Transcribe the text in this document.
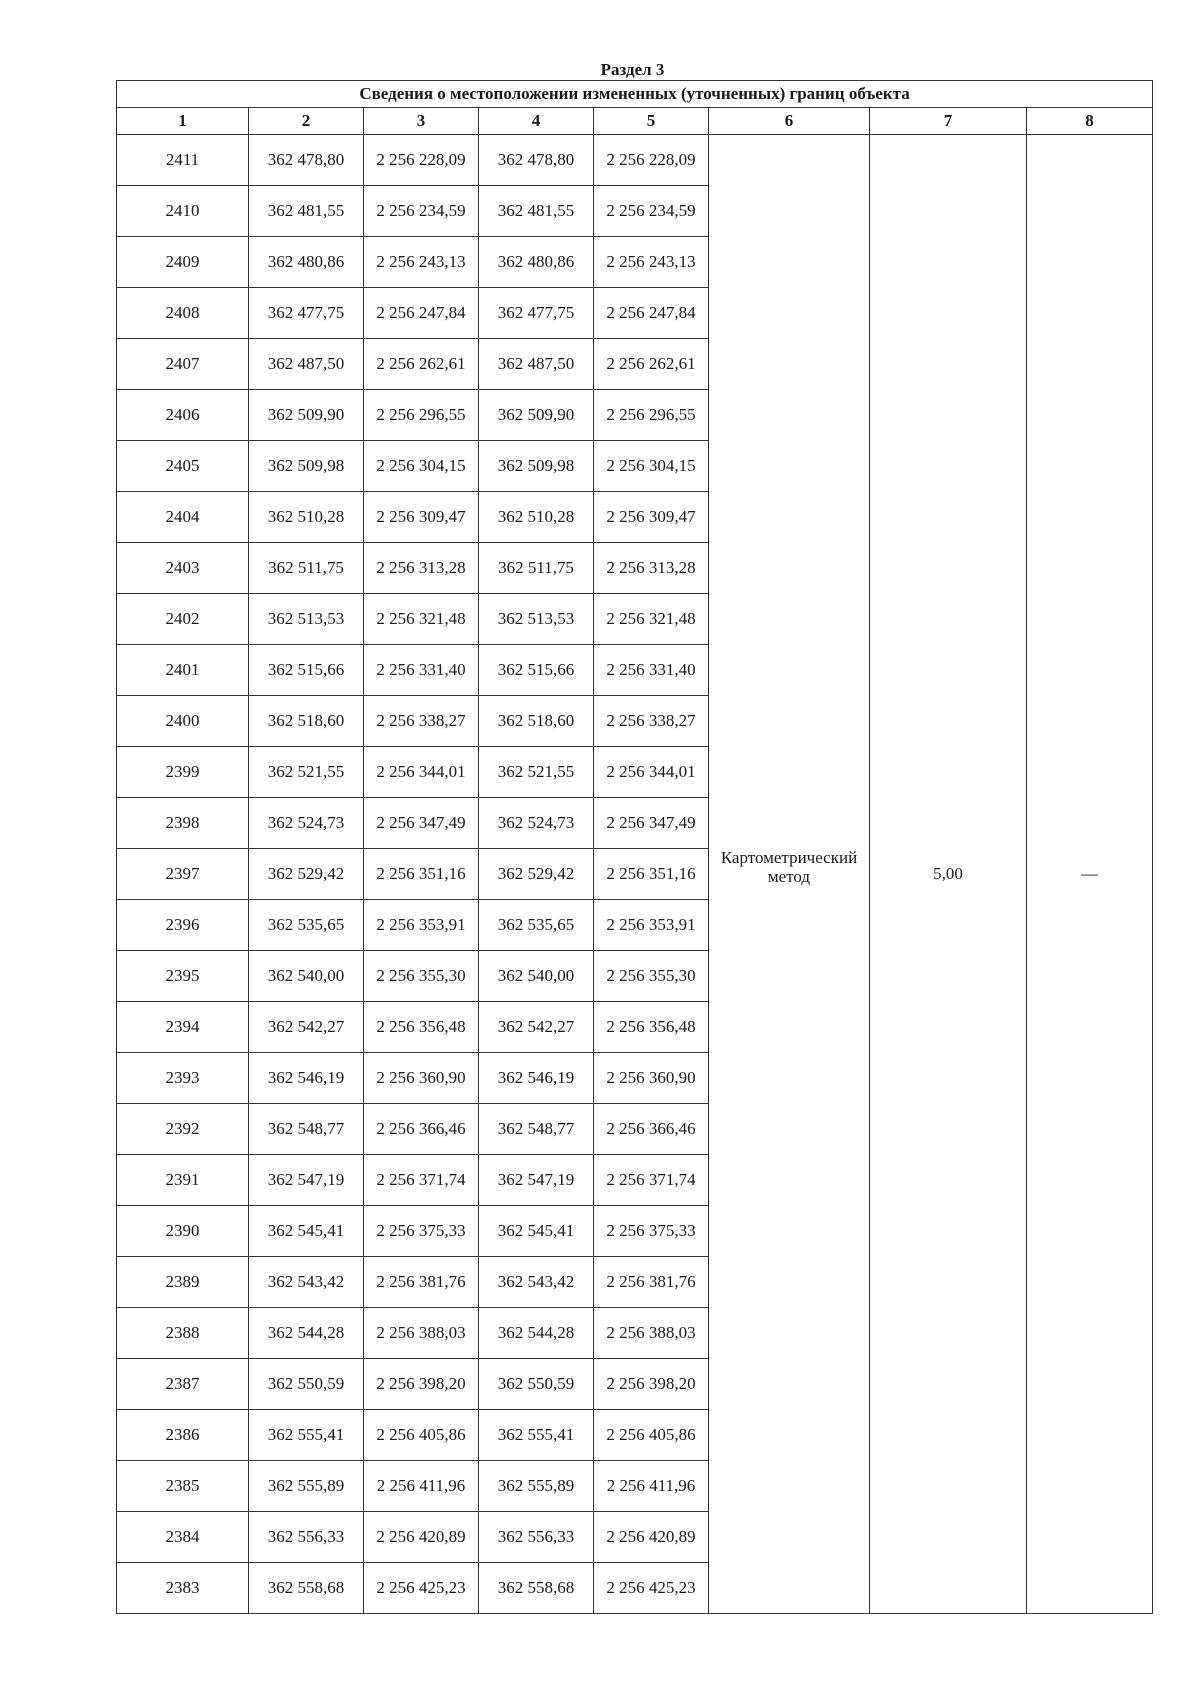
Раздел 3
Сведения о местоположении измененных (уточненных) границ объекта							
1	2	3	4	5	6	7	8
2411	362 478,80	2 256 228,09	362 478,80	2 256 228,09	Картометрический метод	5,00	—
2410	362 481,55	2 256 234,59	362 481,55	2 256 234,59			
2409	362 480,86	2 256 243,13	362 480,86	2 256 243,13			
2408	362 477,75	2 256 247,84	362 477,75	2 256 247,84			
2407	362 487,50	2 256 262,61	362 487,50	2 256 262,61			
2406	362 509,90	2 256 296,55	362 509,90	2 256 296,55			
2405	362 509,98	2 256 304,15	362 509,98	2 256 304,15			
2404	362 510,28	2 256 309,47	362 510,28	2 256 309,47			
2403	362 511,75	2 256 313,28	362 511,75	2 256 313,28			
2402	362 513,53	2 256 321,48	362 513,53	2 256 321,48			
2401	362 515,66	2 256 331,40	362 515,66	2 256 331,40			
2400	362 518,60	2 256 338,27	362 518,60	2 256 338,27			
2399	362 521,55	2 256 344,01	362 521,55	2 256 344,01			
2398	362 524,73	2 256 347,49	362 524,73	2 256 347,49			
2397	362 529,42	2 256 351,16	362 529,42	2 256 351,16			
2396	362 535,65	2 256 353,91	362 535,65	2 256 353,91			
2395	362 540,00	2 256 355,30	362 540,00	2 256 355,30			
2394	362 542,27	2 256 356,48	362 542,27	2 256 356,48			
2393	362 546,19	2 256 360,90	362 546,19	2 256 360,90			
2392	362 548,77	2 256 366,46	362 548,77	2 256 366,46			
2391	362 547,19	2 256 371,74	362 547,19	2 256 371,74			
2390	362 545,41	2 256 375,33	362 545,41	2 256 375,33			
2389	362 543,42	2 256 381,76	362 543,42	2 256 381,76			
2388	362 544,28	2 256 388,03	362 544,28	2 256 388,03			
2387	362 550,59	2 256 398,20	362 550,59	2 256 398,20			
2386	362 555,41	2 256 405,86	362 555,41	2 256 405,86			
2385	362 555,89	2 256 411,96	362 555,89	2 256 411,96			
2384	362 556,33	2 256 420,89	362 556,33	2 256 420,89			
2383	362 558,68	2 256 425,23	362 558,68	2 256 425,23			
